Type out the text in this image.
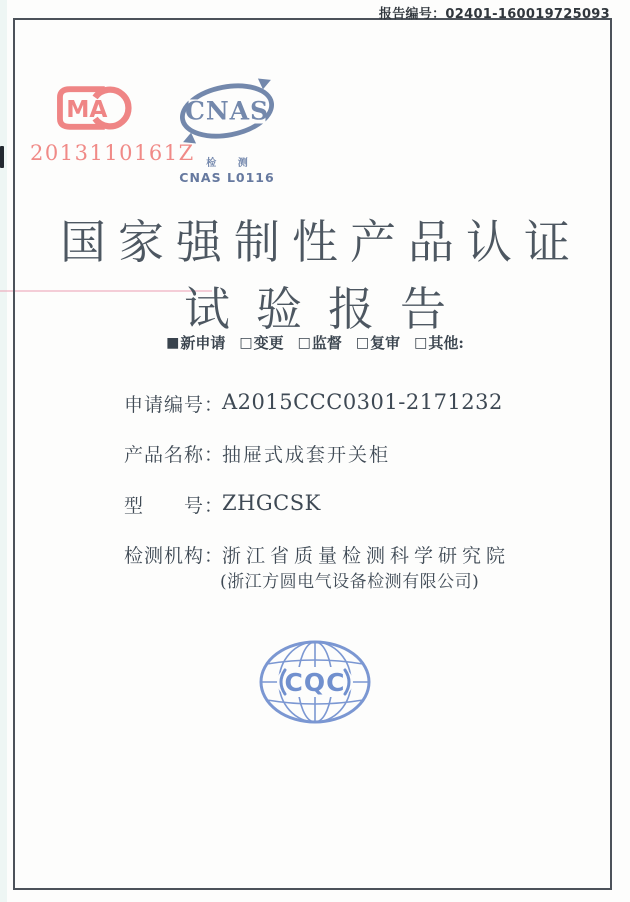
报告编号：02401-160019725093
MA
2013110161Z
CNAS
检 测
CNAS L0116
国家强制性产品认证
试验报告
■ 新申请 □ 变更 □ 监督 □ 复审 □ 其他:
申请编号：
A2015CCC0301-2171232
产品名称：
抽屉式成套开关柜
型　　号：
ZHGCSK
检测机构：
浙江省质量检测科学研究院
(浙江方圆电气设备检测有限公司)
CQC
